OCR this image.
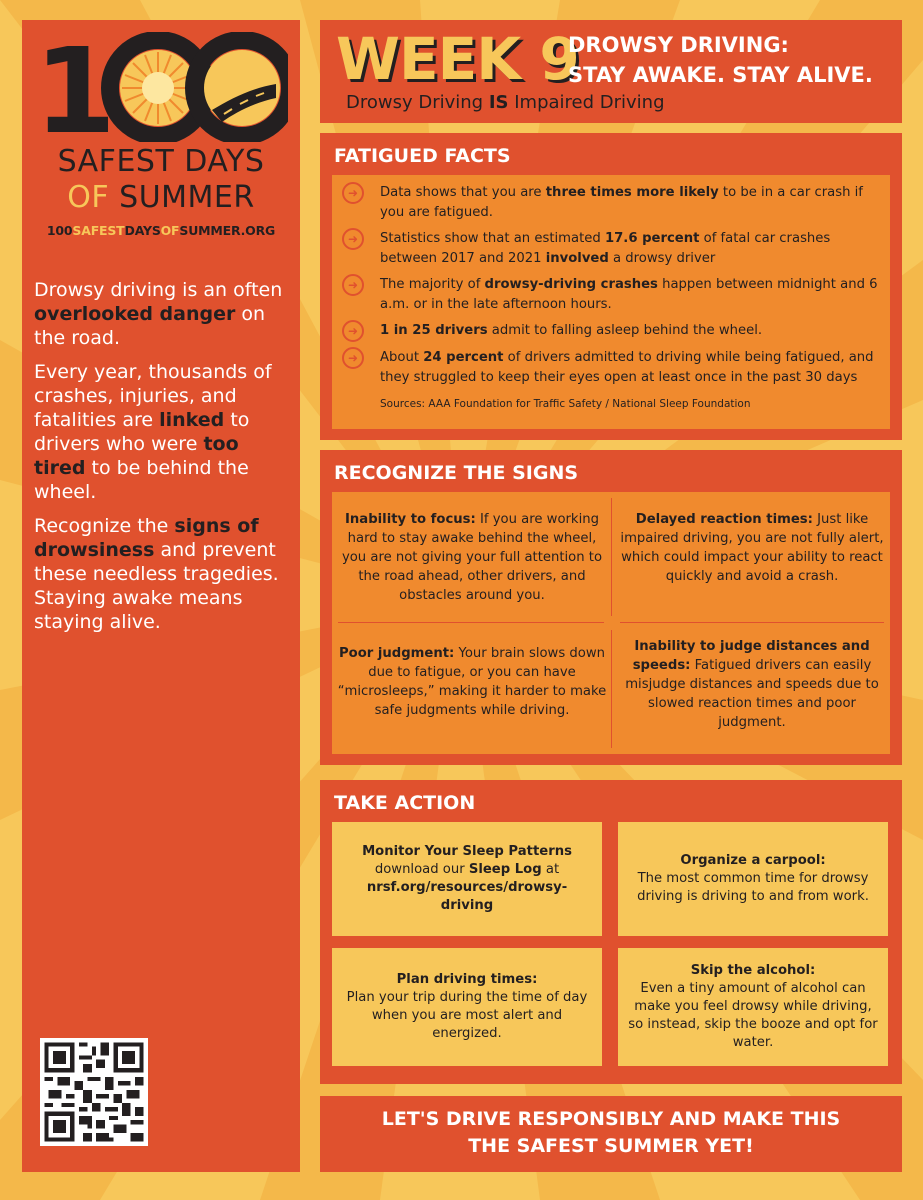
1
SAFEST DAYS
OF SUMMER
100SAFESTDAYSOFSUMMER.ORG

Drowsy driving is an often overlooked danger on the road.

Every year, thousands of crashes, injuries, and fatalities are linked to drivers who were too tired to be behind the wheel.

Recognize the signs of drowsiness and prevent these needless tragedies. Staying awake means staying alive.

WEEK 9
DROWSY DRIVING:
STAY AWAKE. STAY ALIVE.
Drowsy Driving IS Impaired Driving
FATIGUED FACTS
➜	Data shows that you are three times more likely to be in a car crash if you are fatigued.
➜	Statistics show that an estimated 17.6 percent of fatal car crashes between 2017 and 2021 involved a drowsy driver
➜	The majority of drowsy-driving crashes happen between midnight and 6 a.m. or in the late afternoon hours.
➜	1 in 25 drivers admit to falling asleep behind the wheel.
➜	About 24 percent of drivers admitted to driving while being fatigued, and they struggled to keep their eyes open at least once in the past 30 days
Sources: AAA Foundation for Traffic Safety / National Sleep Foundation
RECOGNIZE THE SIGNS
Inability to focus: If you are working hard to stay awake behind the wheel, you are not giving your full attention to the road ahead, other drivers, and obstacles around you.
Delayed reaction times: Just like impaired driving, you are not fully alert, which could impact your ability to react quickly and avoid a crash.
Poor judgment: Your brain slows down due to fatigue, or you can have “microsleeps,” making it harder to make safe judgments while driving.
Inability to judge distances and speeds: Fatigued drivers can easily misjudge distances and speeds due to slowed reaction times and poor judgment.
TAKE ACTION
Monitor Your Sleep Patterns
download our Sleep Log at
nrsf.org/resources/drowsy-driving
Organize a carpool:
The most common time for drowsy driving is driving to and from work.
Plan driving times:
Plan your trip during the time of day when you are most alert and energized.
Skip the alcohol:
Even a tiny amount of alcohol can make you feel drowsy while driving, so instead, skip the booze and opt for water.
LET'S DRIVE RESPONSIBLY AND MAKE THIS
THE SAFEST SUMMER YET!
